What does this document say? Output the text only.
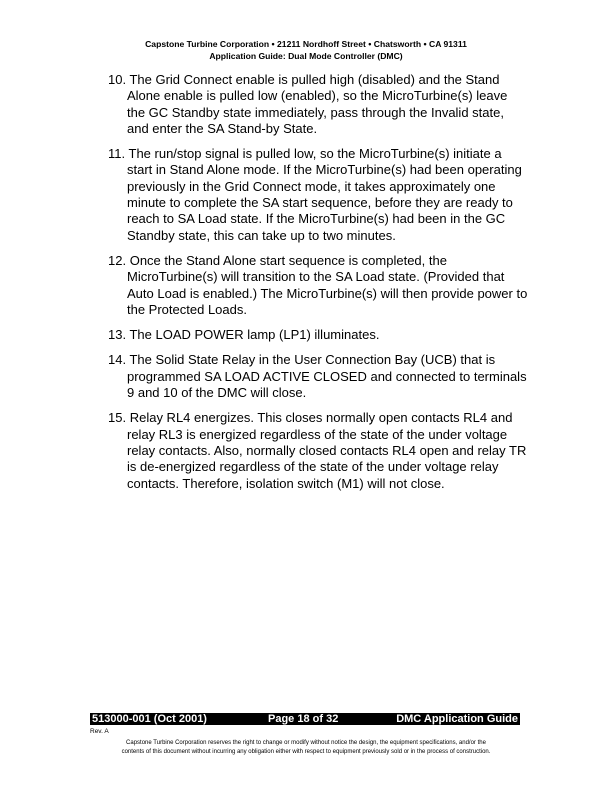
Capstone Turbine Corporation • 21211 Nordhoff Street • Chatsworth • CA 91311
Application Guide: Dual Mode Controller (DMC)
10. The Grid Connect enable is pulled high (disabled) and the Stand Alone enable is pulled low (enabled), so the MicroTurbine(s) leave the GC Standby state immediately, pass through the Invalid state, and enter the SA Stand-by State.
11. The run/stop signal is pulled low, so the MicroTurbine(s) initiate a start in Stand Alone mode. If the MicroTurbine(s) had been operating previously in the Grid Connect mode, it takes approximately one minute to complete the SA start sequence, before they are ready to reach to SA Load state. If the MicroTurbine(s) had been in the GC Standby state, this can take up to two minutes.
12. Once the Stand Alone start sequence is completed, the MicroTurbine(s) will transition to the SA Load state. (Provided that Auto Load is enabled.) The MicroTurbine(s) will then provide power to the Protected Loads.
13. The LOAD POWER lamp (LP1) illuminates.
14. The Solid State Relay in the User Connection Bay (UCB) that is programmed SA LOAD ACTIVE CLOSED and connected to terminals 9 and 10 of the DMC will close.
15. Relay RL4 energizes. This closes normally open contacts RL4 and relay RL3 is energized regardless of the state of the under voltage relay contacts. Also, normally closed contacts RL4 open and relay TR is de-energized regardless of the state of the under voltage relay contacts. Therefore, isolation switch (M1) will not close.
513000-001 (Oct 2001)	Page 18 of 32	DMC Application Guide
Rev. A
Capstone Turbine Corporation reserves the right to change or modify without notice the design, the equipment specifications, and/or the
contents of this document without incurring any obligation either with respect to equipment previously sold or in the process of construction.
